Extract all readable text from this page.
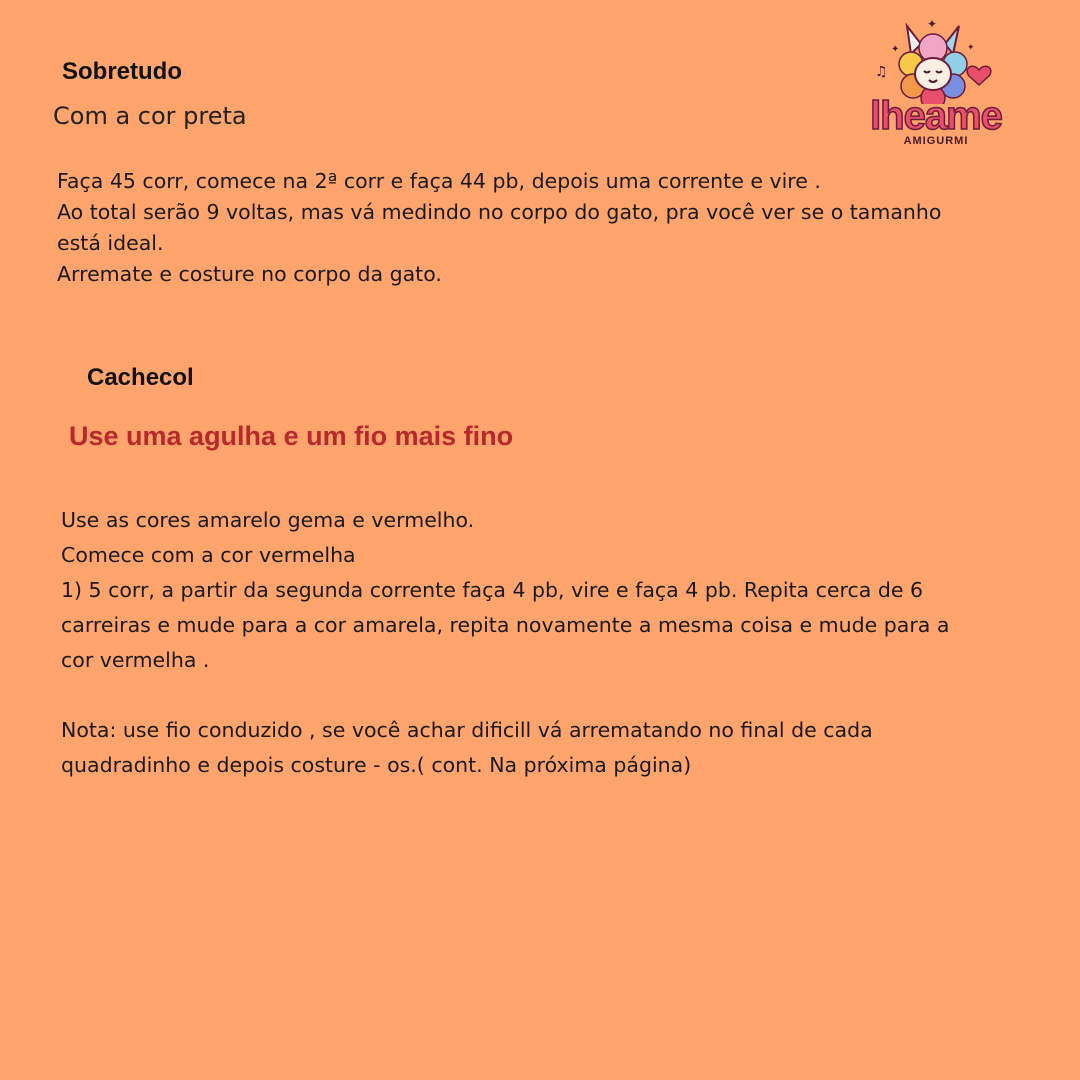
Sobretudo
Com a cor preta
Faça 45 corr, comece na 2ª corr e faça 44 pb, depois uma corrente e vire .
Ao total serão 9 voltas, mas vá medindo no corpo do gato, pra você ver se o tamanho
está ideal.
Arremate e costure no corpo da gato.
Cachecol
Use uma agulha e um fio mais fino
Use as cores amarelo gema e vermelho.
Comece com a cor vermelha
1) 5 corr, a partir da segunda corrente faça 4 pb, vire e faça 4 pb. Repita cerca de 6
carreiras e mude para a cor amarela, repita novamente a mesma coisa e mude para a
cor vermelha .

Nota: use fio conduzido , se você achar dificill vá arrematando no final de cada
quadradinho e depois costure - os.( cont. Na próxima página)
✦
✦	✦
♫
lheame
AMIGURMI
